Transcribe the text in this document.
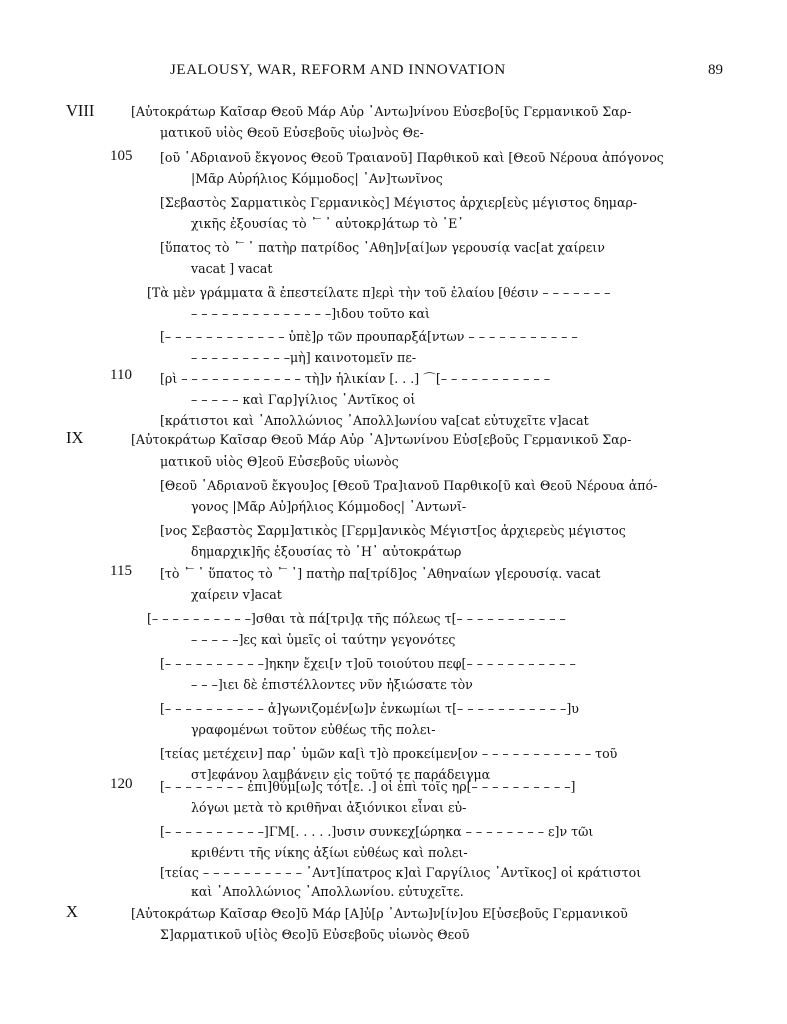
JEALOUSY, WAR, REFORM AND INNOVATION	89
VIII
IX
X
105
110
115
120
[Αὐτοκράτωρ Καῖσαρ Θεοῦ Μάρ Αὐρ ᾽Αντω]νίνου Εὐσεβο[ῦς Γερμανικοῦ Σαρ-
ματικοῦ υἱὸς Θεοῦ Εὐσεβοῦς υἱω]νὸς Θε-
[οῦ ῾Αδριανοῦ ἔκγονος Θεοῦ Τραιανοῦ] Παρθικοῦ καὶ [Θεοῦ Νέρουα ἀπόγονος
|Μᾶρ Αὐρήλιος Κόμμοδος| ᾽Αν]τωνῖνος
[Σεβαστὸς Σαρματικὸς Γερμανικὸς] Μέγιστος ἀρχιερ[εὺς μέγιστος δημαρ-
χικῆς ἐξουσίας τὸ ᾿ ̅ ᾿ αὐτοκρ]άτωρ τὸ ᾿Ε᾿
[ὕπατος τὸ ᾿ ̅ ᾿ πατὴρ πατρίδος ᾽Αθη]ν[αί]ων γερουσίᾳ vac[at χαίρειν
vacat ] vacat
[Τὰ μὲν γράμματα ἃ ἐπεστείλατε π]ερὶ τὴν τοῦ ἐλαίου [θέσιν – – – – – – –
– – – – – – – – – – – – – –]ιδου τοῦτο καὶ
[– – – – – – – – – – – – ὑπὲ]ρ τῶν προυπαρξά[ντων – – – – – – – – – – –
– – – – – – – – – –μὴ] καινοτομεῖν πε-
[ρὶ – – – – – – – – – – – – τὴ]ν ἡλικίαν [. . .] ⌒[– – – – – – – – – – –
– – – – – καὶ Γαρ]γίλιος ᾽Αντῖκος οἱ
[κράτιστοι καὶ ᾽Απολλώνιος ᾽Απολλ]ωνίου va[cat εὐτυχεῖτε v]acat
[Αὐτοκράτωρ Καῖσαρ Θεοῦ Μάρ Αὐρ ᾽Α]ντωνίνου Εὐσ[εβοῦς Γερμανικοῦ Σαρ-
ματικοῦ υἱὸς Θ]εοῦ Εὐσεβοῦς υἱωνὸς
[Θεοῦ ῾Αδριανοῦ ἔκγου]ος [Θεοῦ Τρα]ιανοῦ Παρθικο[ῦ καὶ Θεοῦ Νέρουα ἀπό-
γονος |Μᾶρ Αὐ]ρήλιος Κόμμοδος| ᾽Αντωνῖ-
[νος Σεβαστὸς Σαρμ]ατικὸς [Γερμ]ανικὸς Μέγιστ[ος ἀρχιερεὺς μέγιστος
δημαρχικ]ῆς ἐξουσίας τὸ ᾿Η᾿ αὐτοκράτωρ
[τὸ ᾿ ̅ ᾿ ὕπατος τὸ ᾿ ̅ ᾿] πατὴρ πα[τρίδ]ος ᾽Αθηναίων γ[ερουσίᾳ. vacat
χαίρειν v]acat
[– – – – – – – – – –]σθαι τὰ πά[τρι]ᾳ τῆς πόλεως τ[– – – – – – – – – – –
– – – – –]ες καὶ ὑμεῖς οἱ ταύτην γεγονότες
[– – – – – – – – – –]ηκην ἔχει[ν τ]οῦ τοιούτου πεφ[– – – – – – – – – – –
– – –]ιει δὲ ἐπιστέλλοντες νῦν ἠξιώσατε τὸν
[– – – – – – – – – – ἀ]γωνιζομέν[ω]ν ἐνκωμίωι τ[– – – – – – – – – – –]υ
γραφομένωι τοῦτον εὐθέως τῆς πολει-
[τείας μετέχειν] παρ᾽ ὑμῶν κα[ὶ τ]ὸ προκείμεν[ον – – – – – – – – – – – τοῦ
στ]εφάνου λαμβάνειν εἰς τοῦτό τε παράδειγμα
[– – – – – – – – ἐπι]θύμ[ω]ς τότ[ε. .] οἱ ἐπὶ τοῖς ηρ[– – – – – – – – – –]
λόγωι μετὰ τὸ κριθῆναι ἀξιόνικοι εἶναι εὐ-
[– – – – – – – – – –]ΓΜ[. . . . .]υσιν συνκεχ[ώρηκα – – – – – – – – ε]ν τῶι
κριθέντι τῆς νίκης ἀξίωι εὐθέως καὶ πολει-
[τείας – – – – – – – – – – ᾽Αντ]ίπατρος κ]αὶ Γαργίλιος ᾽Αντῖκος] οἱ κράτιστοι
καὶ ᾽Απολλώνιος ᾽Απολλωνίου. εὐτυχεῖτε.
[Αὐτοκράτωρ Καῖσαρ Θεο]ῦ Μάρ [Α]ὐ[ρ ᾽Αντω]ν[ίν]ου Ε[ὐσεβοῦς Γερμανικοῦ
Σ]αρματικοῦ υ[ἱὸς Θεο]ῦ Εὐσεβοῦς υἱωνὸς Θεοῦ
